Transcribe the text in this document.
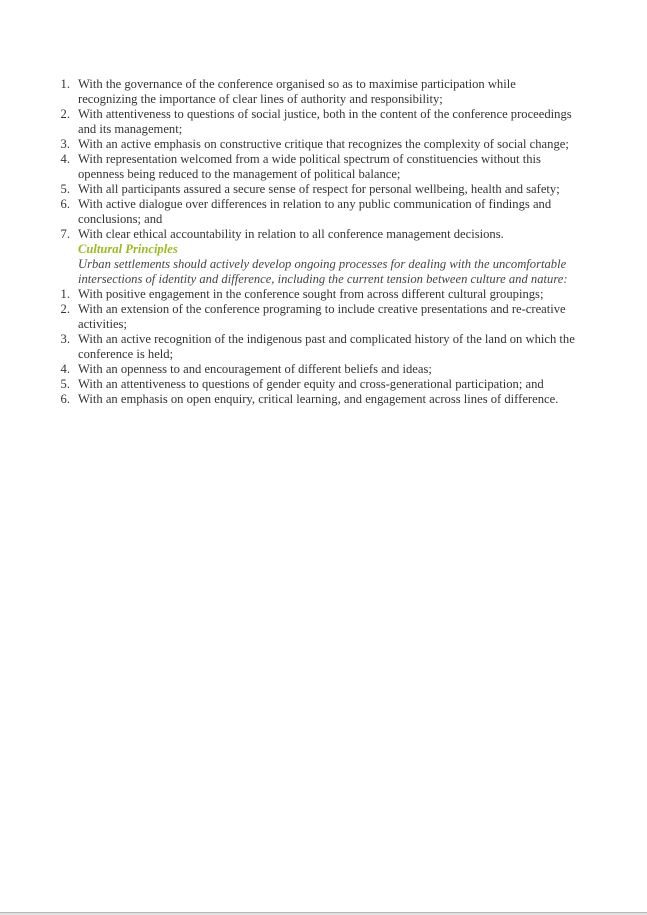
1. With the governance of the conference organised so as to maximise participation while recognizing the importance of clear lines of authority and responsibility;
2. With attentiveness to questions of social justice, both in the content of the conference proceedings and its management;
3. With an active emphasis on constructive critique that recognizes the complexity of social change;
4. With representation welcomed from a wide political spectrum of constituencies without this openness being reduced to the management of political balance;
5. With all participants assured a secure sense of respect for personal wellbeing, health and safety;
6. With active dialogue over differences in relation to any public communication of findings and conclusions; and
7. With clear ethical accountability in relation to all conference management decisions.
Cultural Principles
Urban settlements should actively develop ongoing processes for dealing with the uncomfortable intersections of identity and difference, including the current tension between culture and nature:
1. With positive engagement in the conference sought from across different cultural groupings;
2. With an extension of the conference programing to include creative presentations and re-creative activities;
3. With an active recognition of the indigenous past and complicated history of the land on which the conference is held;
4. With an openness to and encouragement of different beliefs and ideas;
5. With an attentiveness to questions of gender equity and cross-generational participation; and
6. With an emphasis on open enquiry, critical learning, and engagement across lines of difference.
